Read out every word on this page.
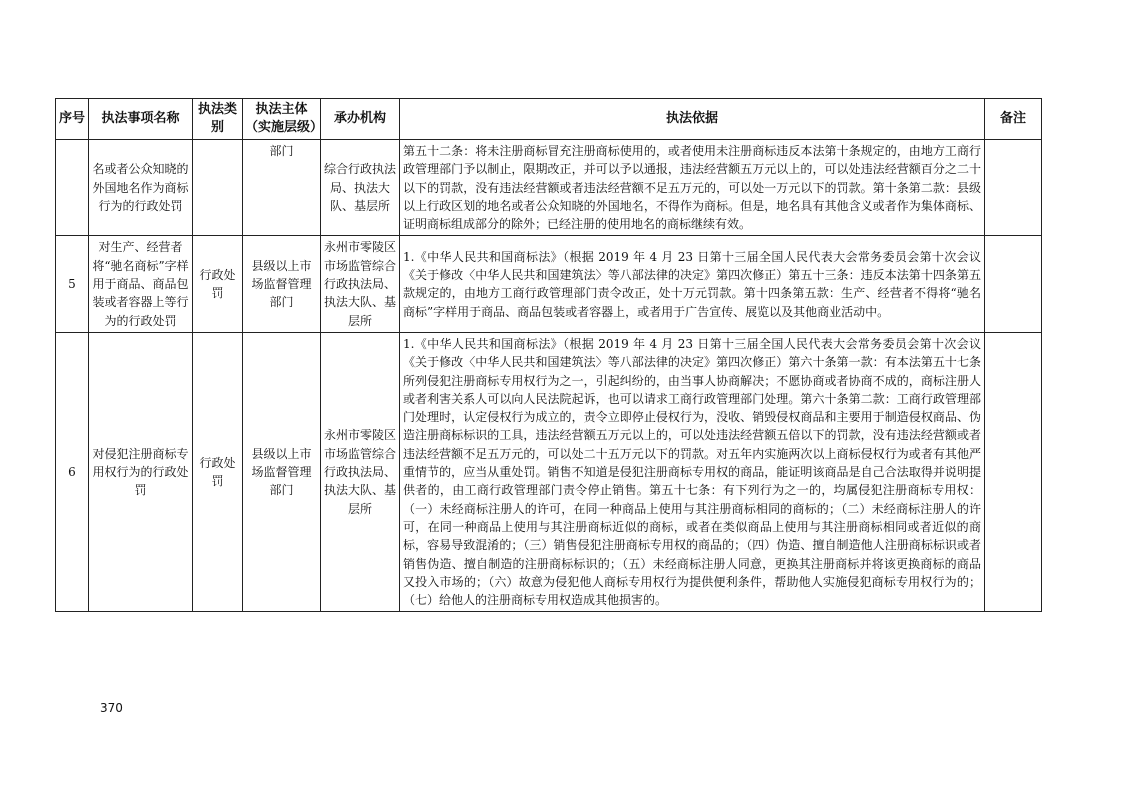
序号	执法事项名称	执法类别	执法主体（实施层级）	承办机构	执法依据	备注
	名或者公众知晓的外国地名作为商标行为的行政处罚		部门	综合行政执法局、执法大队、基层所	第五十二条：将未注册商标冒充注册商标使用的，或者使用未注册商标违反本法第十条规定的，由地方工商行政管理部门予以制止，限期改正，并可以予以通报，违法经营额五万元以上的，可以处违法经营额百分之二十以下的罚款，没有违法经营额或者违法经营额不足五万元的，可以处一万元以下的罚款。第十条第二款：县级以上行政区划的地名或者公众知晓的外国地名，不得作为商标。但是，地名具有其他含义或者作为集体商标、证明商标组成部分的除外；已经注册的使用地名的商标继续有效。	
5	对生产、经营者将“驰名商标”字样用于商品、商品包装或者容器上等行为的行政处罚	行政处罚	县级以上市场监督管理部门	永州市零陵区市场监管综合行政执法局、执法大队、基层所	1.《中华人民共和国商标法》（根据 2019 年 4 月 23 日第十三届全国人民代表大会常务委员会第十次会议《关于修改〈中华人民共和国建筑法〉等八部法律的决定》第四次修正）第五十三条：违反本法第十四条第五款规定的，由地方工商行政管理部门责令改正，处十万元罚款。第十四条第五款：生产、经营者不得将“驰名商标”字样用于商品、商品包装或者容器上，或者用于广告宣传、展览以及其他商业活动中。	
6	对侵犯注册商标专用权行为的行政处罚	行政处罚	县级以上市场监督管理部门	永州市零陵区市场监管综合行政执法局、执法大队、基层所	1.《中华人民共和国商标法》（根据 2019 年 4 月 23 日第十三届全国人民代表大会常务委员会第十次会议《关于修改〈中华人民共和国建筑法〉等八部法律的决定》第四次修正）第六十条第一款：有本法第五十七条所列侵犯注册商标专用权行为之一，引起纠纷的，由当事人协商解决；不愿协商或者协商不成的，商标注册人或者利害关系人可以向人民法院起诉，也可以请求工商行政管理部门处理。第六十条第二款：工商行政管理部门处理时，认定侵权行为成立的，责令立即停止侵权行为，没收、销毁侵权商品和主要用于制造侵权商品、伪造注册商标标识的工具，违法经营额五万元以上的，可以处违法经营额五倍以下的罚款，没有违法经营额或者违法经营额不足五万元的，可以处二十五万元以下的罚款。对五年内实施两次以上商标侵权行为或者有其他严重情节的，应当从重处罚。销售不知道是侵犯注册商标专用权的商品，能证明该商品是自己合法取得并说明提供者的，由工商行政管理部门责令停止销售。第五十七条：有下列行为之一的，均属侵犯注册商标专用权：（一）未经商标注册人的许可，在同一种商品上使用与其注册商标相同的商标的；（二）未经商标注册人的许可，在同一种商品上使用与其注册商标近似的商标，或者在类似商品上使用与其注册商标相同或者近似的商标，容易导致混淆的；（三）销售侵犯注册商标专用权的商品的；（四）伪造、擅自制造他人注册商标标识或者销售伪造、擅自制造的注册商标标识的；（五）未经商标注册人同意，更换其注册商标并将该更换商标的商品又投入市场的；（六）故意为侵犯他人商标专用权行为提供便利条件，帮助他人实施侵犯商标专用权行为的；（七）给他人的注册商标专用权造成其他损害的。	
370
